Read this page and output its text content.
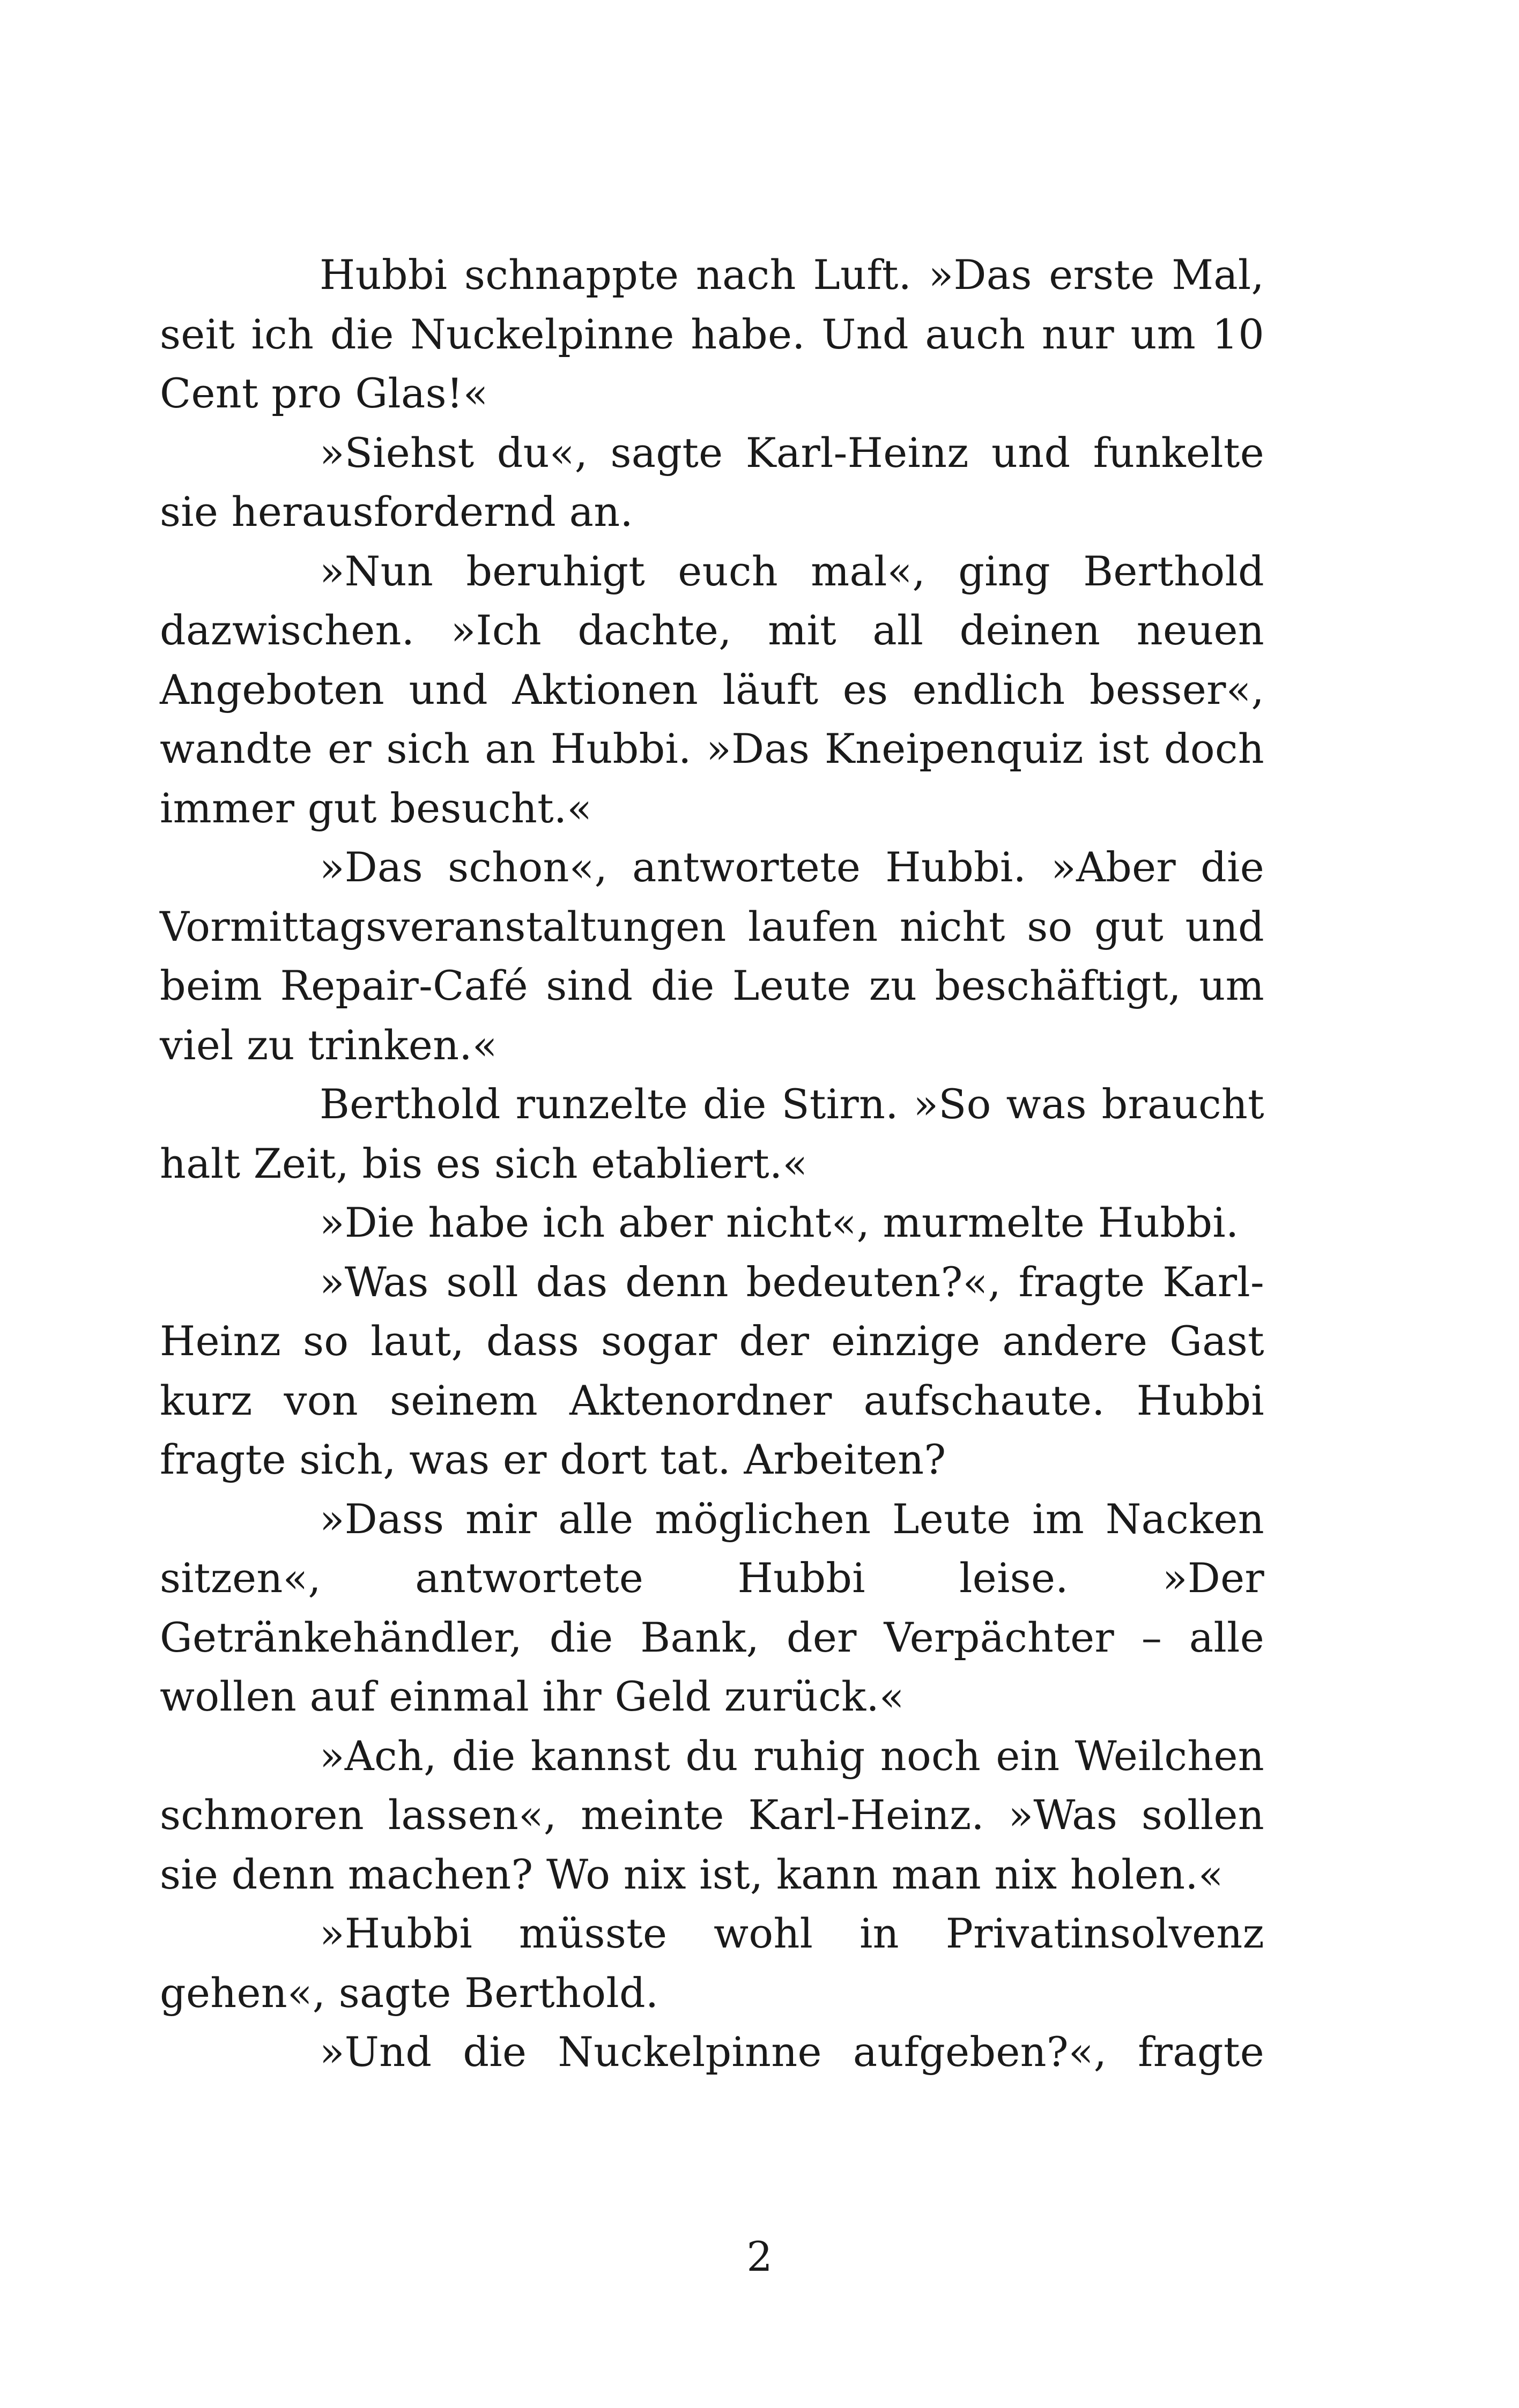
Hubbi schnappte nach Luft. »Das erste Mal, seit ich die Nuckelpinne habe. Und auch nur um 10 Cent pro Glas!«

»Siehst du«, sagte Karl-Heinz und funkelte sie herausfordernd an.

»Nun beruhigt euch mal«, ging Berthold dazwischen. »Ich dachte, mit all deinen neuen Angeboten und Aktionen läuft es endlich besser«, wandte er sich an Hubbi. »Das Kneipenquiz ist doch immer gut besucht.«

»Das schon«, antwortete Hubbi. »Aber die Vormittagsveranstaltungen laufen nicht so gut und beim Repair-Café sind die Leute zu beschäftigt, um viel zu trinken.«

Berthold runzelte die Stirn. »So was braucht halt Zeit, bis es sich etabliert.«

»Die habe ich aber nicht«, murmelte Hubbi.

»Was soll das denn bedeuten?«, fragte Karl-Heinz so laut, dass sogar der einzige andere Gast kurz von seinem Aktenordner aufschaute. Hubbi fragte sich, was er dort tat. Arbeiten?

»Dass mir alle möglichen Leute im Nacken sitzen«, antwortete Hubbi leise. »Der Getränkehändler, die Bank, der Verpächter – alle wollen auf einmal ihr Geld zurück.«

»Ach, die kannst du ruhig noch ein Weilchen schmoren lassen«, meinte Karl-Heinz. »Was sollen sie denn machen? Wo nix ist, kann man nix holen.«

»Hubbi müsste wohl in Privatinsolvenz gehen«, sagte Berthold.

»Und die Nuckelpinne aufgeben?«, fragte

2
